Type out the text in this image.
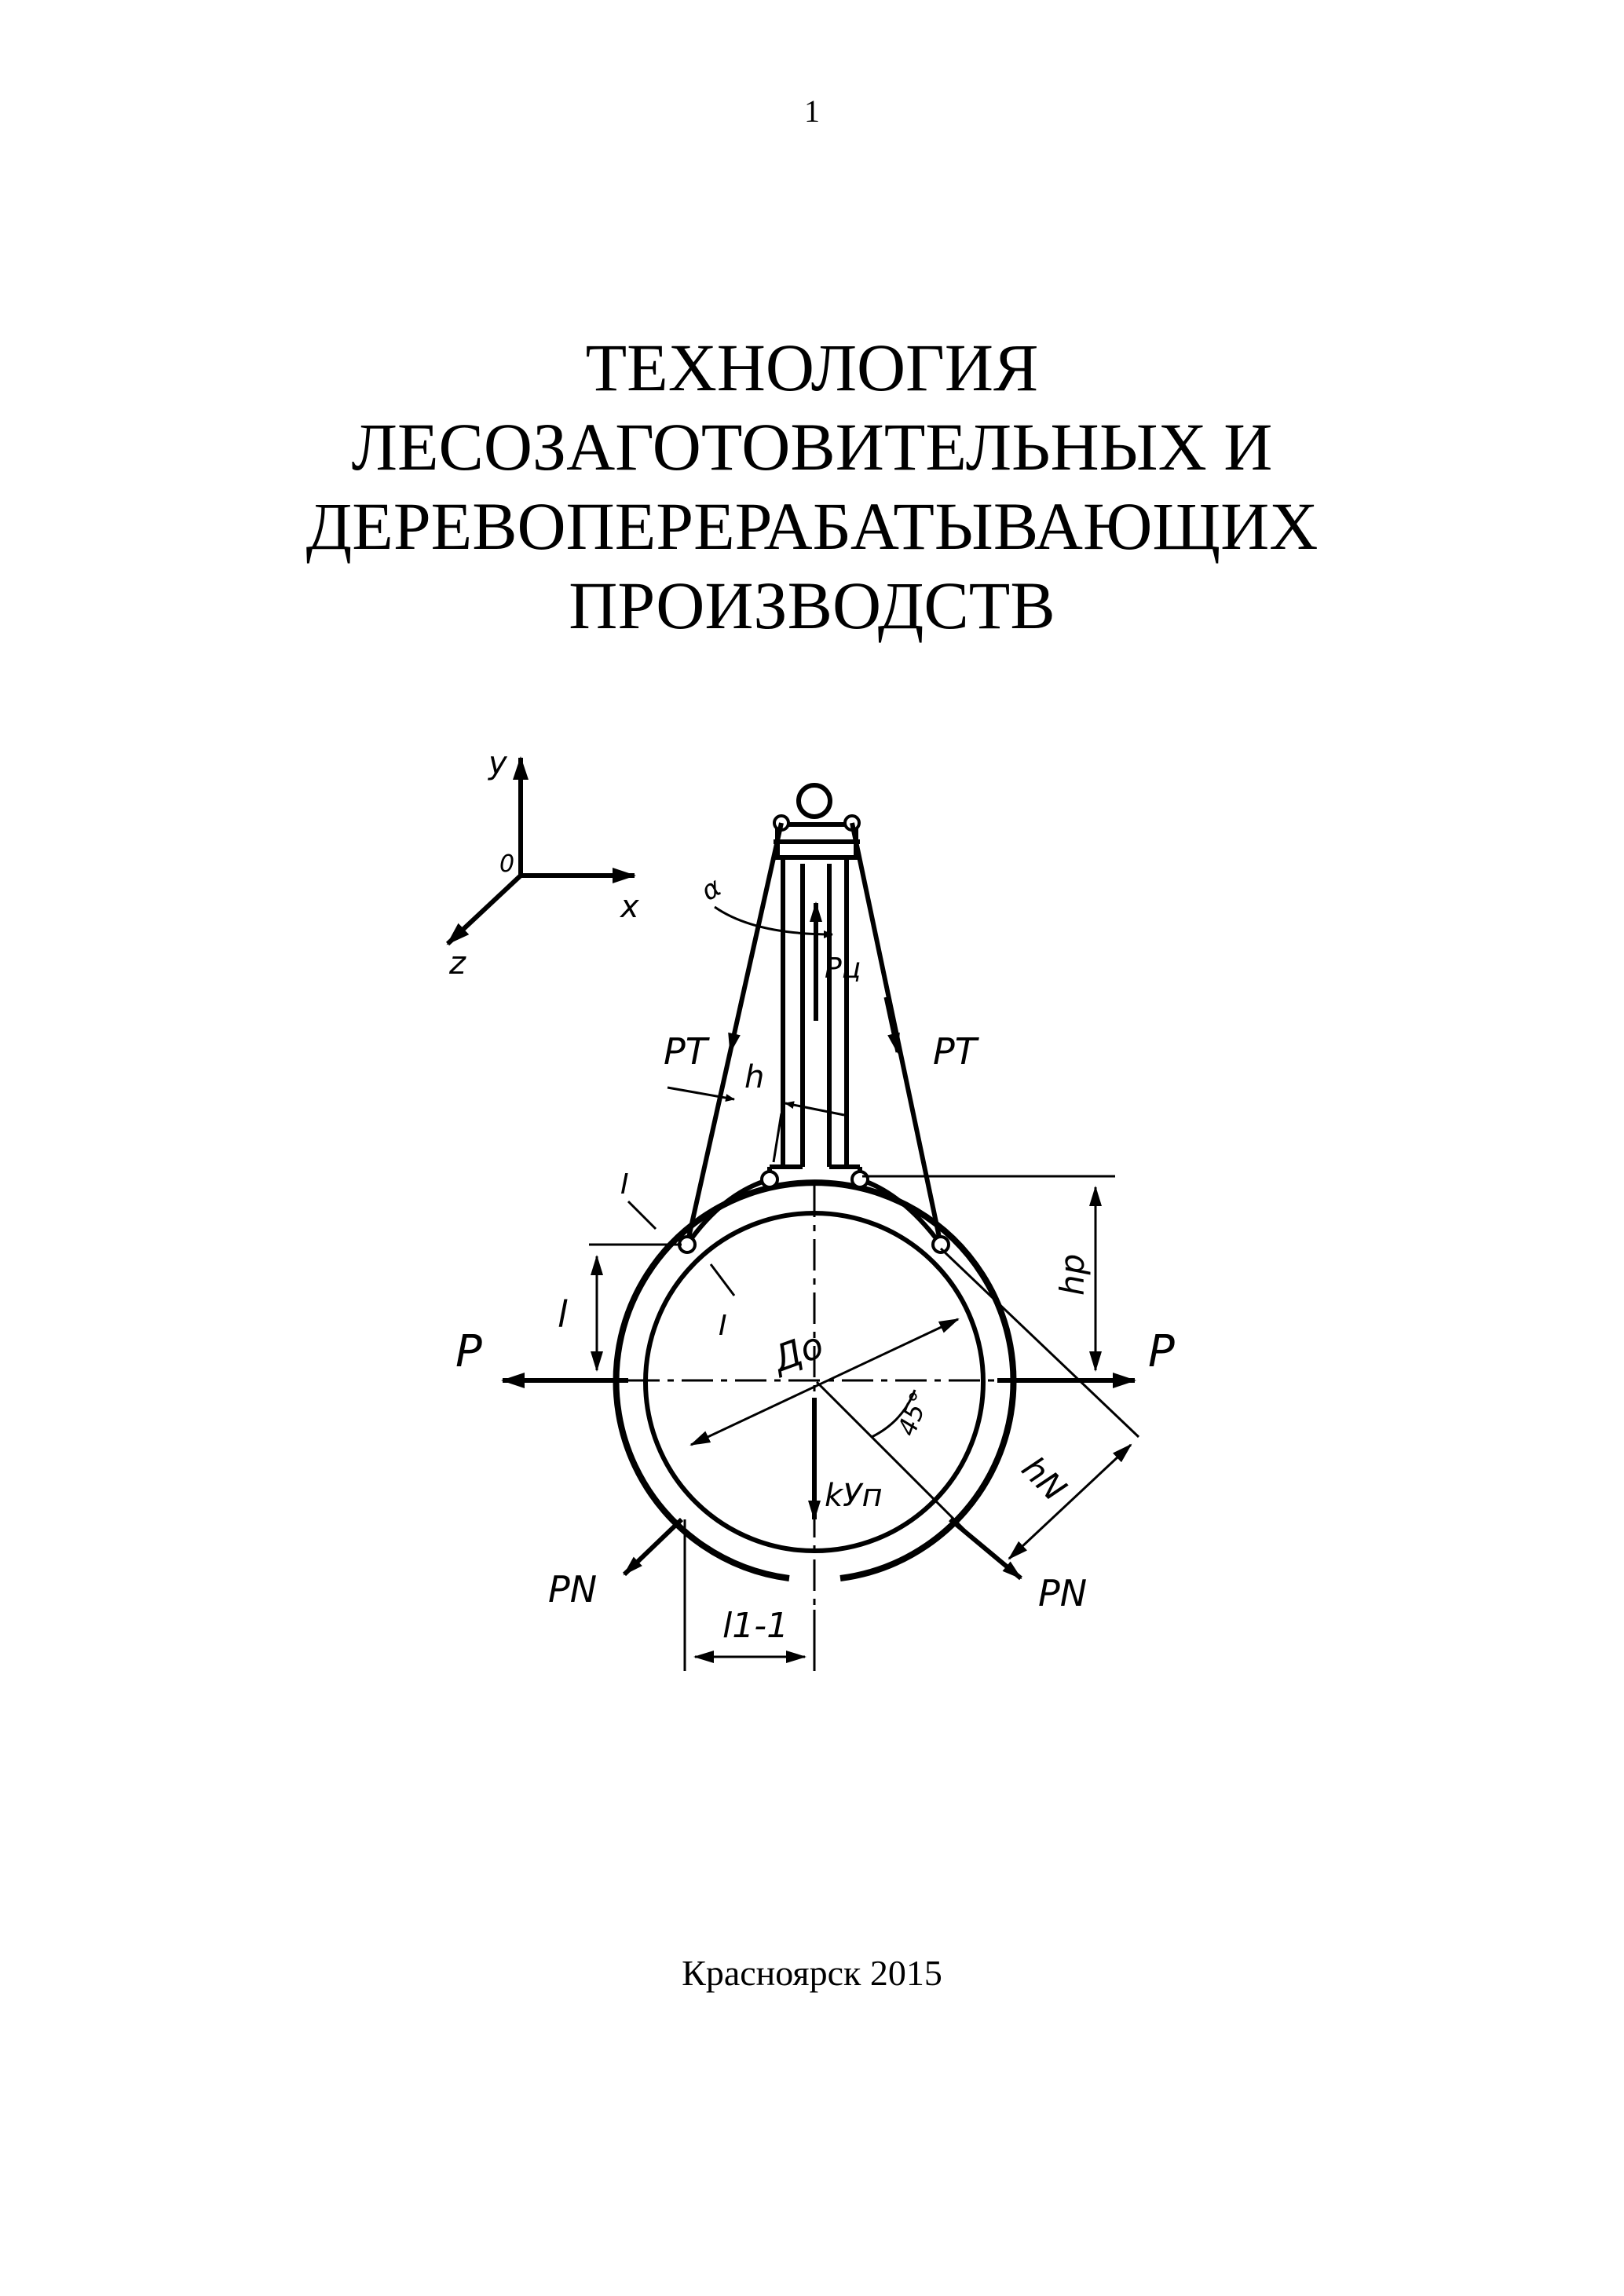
1
ТЕХНОЛОГИЯ
ЛЕСОЗАГОТОВИТЕЛЬНЫХ И
ДЕРЕВОПЕРЕРАБАТЫВАЮЩИХ
ПРОИЗВОДСТВ
y
x
z
0
PT	PT
Pц
α
h
I
I
P	P
l
До
kУп
hp
45°
hN
PN	PN
l1-1
Красноярск 2015
